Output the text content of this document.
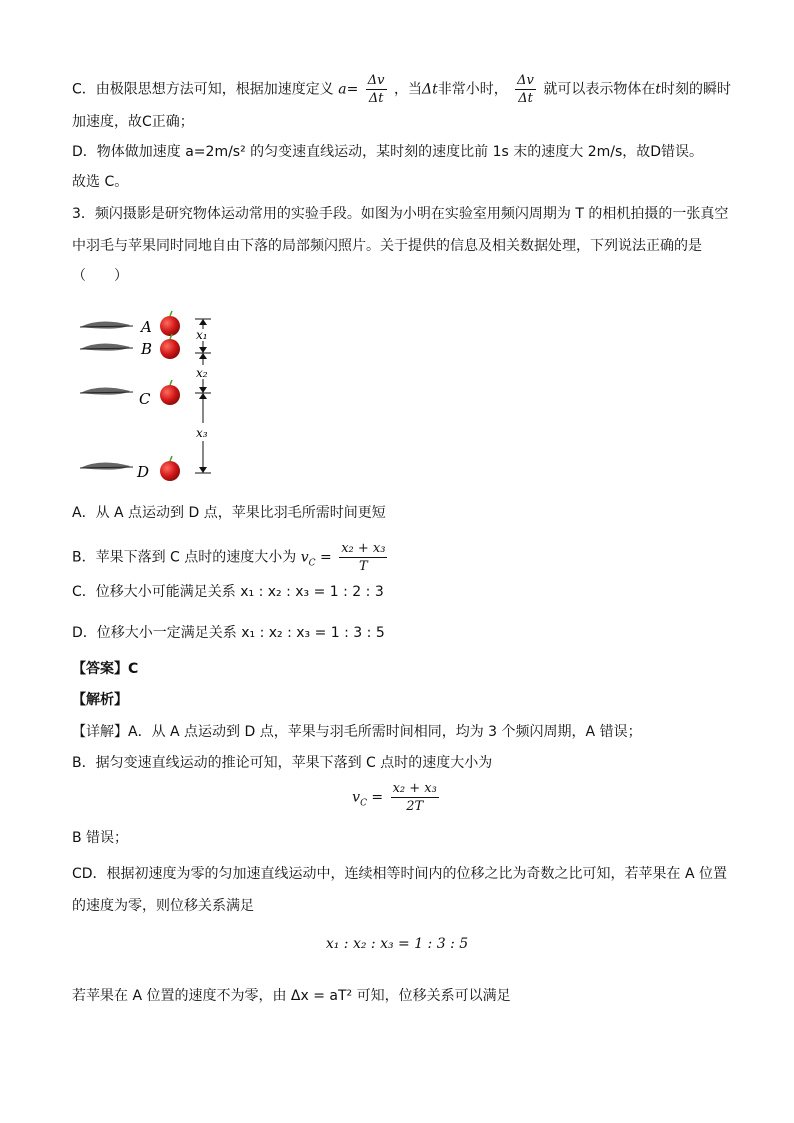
C．由极限思想方法可知，根据加速度定义 $a= \frac{\Delta v}{\Delta t}$ ，当Δt非常小时， $\frac{\Delta v}{\Delta t}$ 就可以表示物体在t时刻的瞬时
加速度，故C正确；
D．物体做加速度 a=2m/s² 的匀变速直线运动，某时刻的速度比前 1s 末的速度大 2m/s，故D错误。
故选 C。
3．频闪摄影是研究物体运动常用的实验手段。如图为小明在实验室用频闪周期为 T 的相机拍摄的一张真空
中羽毛与苹果同时同地自由下落的局部频闪照片。关于提供的信息及相关数据处理，下列说法正确的是
（　　）
A
B
C
D
x₁
x₂
x₃
A．从 A 点运动到 D 点，苹果比羽毛所需时间更短
B．苹果下落到 C 点时的速度大小为 $v_C = \frac{\text{x₂ + x₃}}{T}$
C．位移大小可能满足关系 x₁ : x₂ : x₃ = 1 : 2 : 3
D．位移大小一定满足关系 x₁ : x₂ : x₃ = 1 : 3 : 5
【答案】C
【解析】
【详解】A．从 A 点运动到 D 点，苹果与羽毛所需时间相同，均为 3 个频闪周期，A 错误；
B．据匀变速直线运动的推论可知，苹果下落到 C 点时的速度大小为
$v_C = \frac{\text{x₂ + x₃}}{2T}$
B 错误；
CD．根据初速度为零的匀加速直线运动中，连续相等时间内的位移之比为奇数之比可知，若苹果在 A 位置
的速度为零，则位移关系满足
x₁ : x₂ : x₃ = 1 : 3 : 5
若苹果在 A 位置的速度不为零，由 Δx = aT² 可知，位移关系可以满足
